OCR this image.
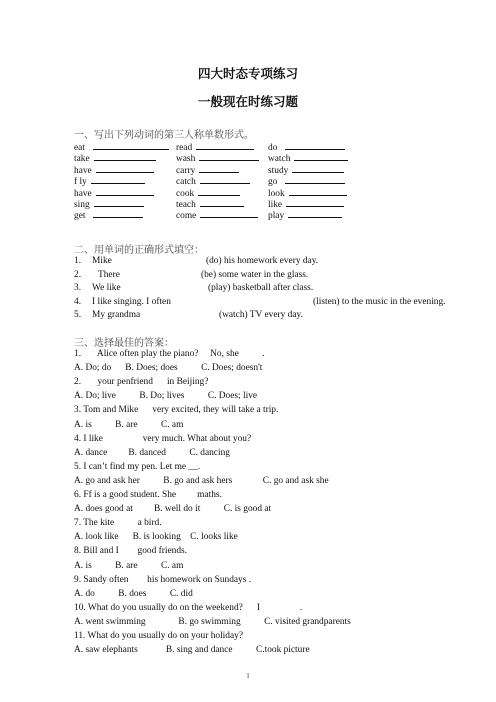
四大时态专项练习
一般现在时练习题
一、写出下列动词的第三人称单数形式。
eat	read	do
take	wash	watch
have	carry	study
f ly	catch	go
have	cook	look
sing	teach	like
get	come	play
二、用单词的正确形式填空：
1. Mike	(do) his homework every day.
2. There	(be) some water in the glass.
3. We like	(play) basketball after class.
4. I like singing. I often	(listen) to the music in the evening.
5. My grandma	(watch) TV every day.
三、选择最佳的答案：
1.       Alice often play the piano?     No, she          .
A. Do; do      B. Does; does          C. Does; doesn't
2.       your penfriend      in Beijing?
A. Do; live          B. Do; lives          C. Does; live
3. Tom and Mike      very excited, they will take a trip.
A. is          B. are          C. am
4. I like                 very much. What about you?
A. dance         B. danced          C. dancing
5. I can’t find my pen. Let me __.
A. go and ask her          B. go and ask hers             C. go and ask she
6. Ff is a good student. She         maths.
A. does good at         B. well do it          C. is good at
7. The kite          a bird.
A. look like      B. is looking    C. looks like
8. Bill and I        good friends.
A. is          B. are          C. am
9. Sandy often        his homework on Sundays .
A. do          B. does          C. did
10. What do you usually do on the weekend?      I                 .
A. went swimming              B. go swimming          C. visited grandparents
11. What do you usually do on your holiday?
A. saw elephants            B. sing and dance          C.took picture
1
